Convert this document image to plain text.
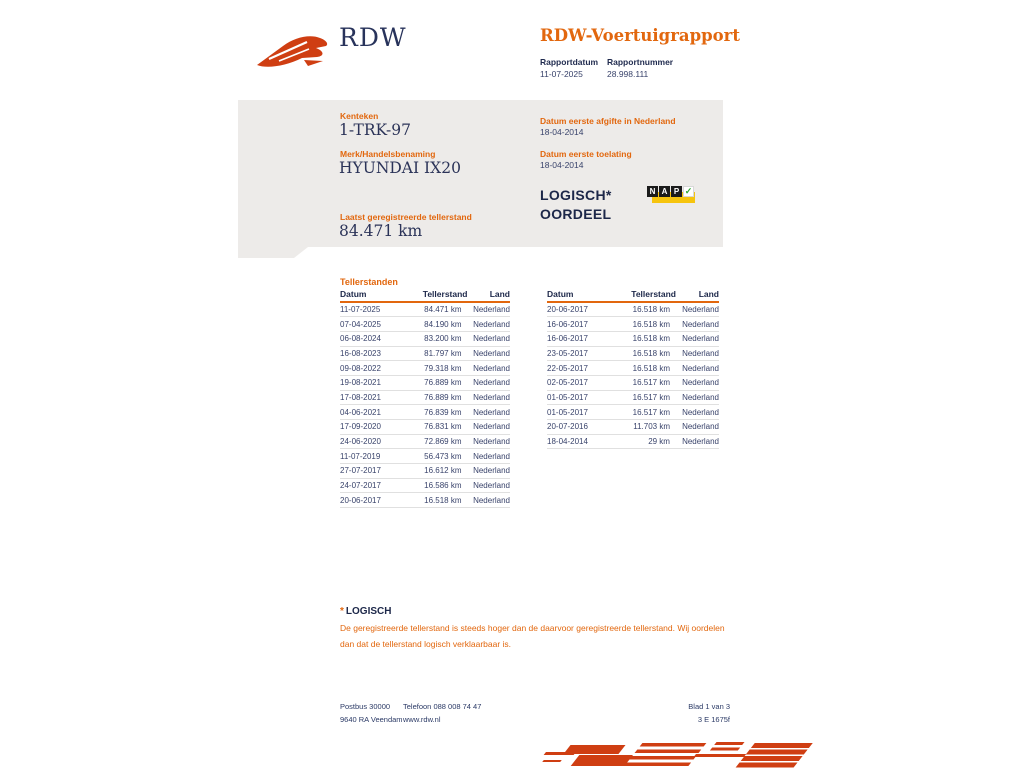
RDW	RDW-Voertuigrapport
Rapportdatum Rapportnummer
11-07-2025	28.998.111
Kenteken
1-TRK-97
Merk/Handelsbenaming
HYUNDAI IX20
Laatst geregistreerde tellerstand
84.471 km
Datum eerste afgifte in Nederland
18-04-2014
Datum eerste toelating
18-04-2014
LOGISCH*
OORDEEL
N A P ✓
Tellerstanden
Datum	Tellerstand	Land
11-07-2025	84.471 km	Nederland
07-04-2025	84.190 km	Nederland
06-08-2024	83.200 km	Nederland
16-08-2023	81.797 km	Nederland
09-08-2022	79.318 km	Nederland
19-08-2021	76.889 km	Nederland
17-08-2021	76.889 km	Nederland
04-06-2021	76.839 km	Nederland
17-09-2020	76.831 km	Nederland
24-06-2020	72.869 km	Nederland
11-07-2019	56.473 km	Nederland
27-07-2017	16.612 km	Nederland
24-07-2017	16.586 km	Nederland
20-06-2017	16.518 km	Nederland
Datum	Tellerstand	Land
20-06-2017	16.518 km	Nederland
16-06-2017	16.518 km	Nederland
16-06-2017	16.518 km	Nederland
23-05-2017	16.518 km	Nederland
22-05-2017	16.518 km	Nederland
02-05-2017	16.517 km	Nederland
01-05-2017	16.517 km	Nederland
01-05-2017	16.517 km	Nederland
20-07-2016	11.703 km	Nederland
18-04-2014	29 km	Nederland
* LOGISCH
De geregistreerde tellerstand is steeds hoger dan de daarvoor geregistreerde tellerstand. Wij oordelen dan dat de tellerstand logisch verklaarbaar is.
Postbus 30000
9640 RA Veendam
Telefoon 088 008 74 47
www.rdw.nl
Blad 1 van 3
3 E 1675f
